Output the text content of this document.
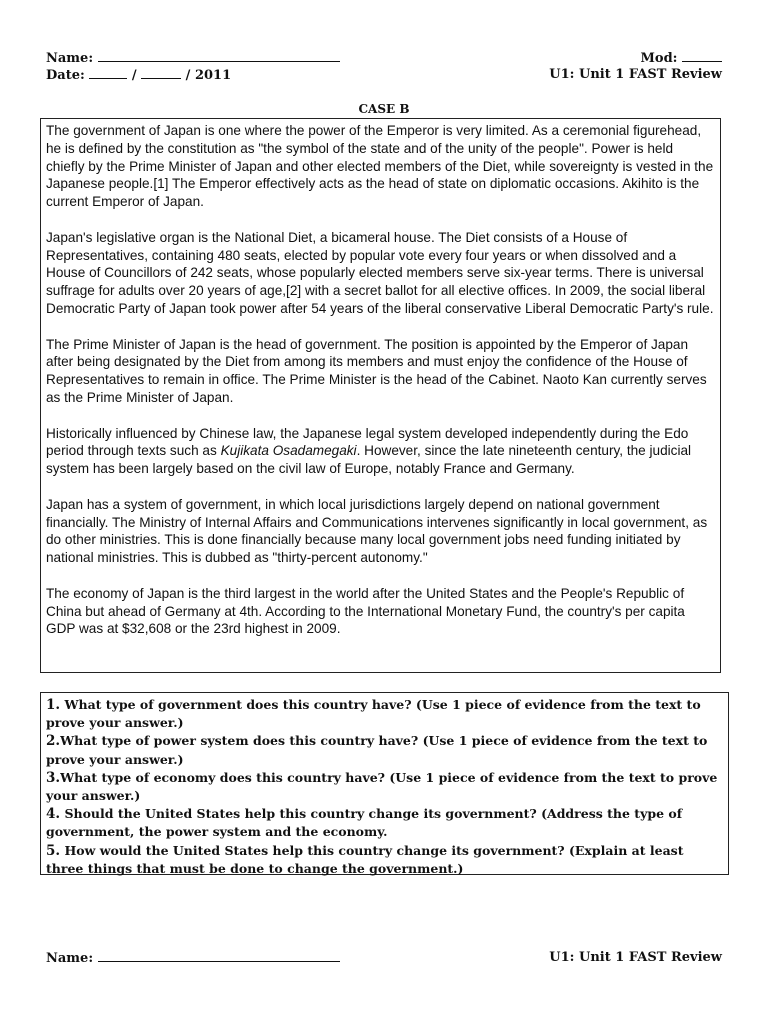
Name:
Date:	/	/ 2011
Mod:
U1: Unit 1 FAST Review
CASE B

The government of Japan is one where the power of the Emperor is very limited. As a ceremonial figurehead, he is defined by the constitution as "the symbol of the state and of the unity of the people". Power is held chiefly by the Prime Minister of Japan and other elected members of the Diet, while sovereignty is vested in the Japanese people.[1] The Emperor effectively acts as the head of state on diplomatic occasions. Akihito is the current Emperor of Japan.

Japan's legislative organ is the National Diet, a bicameral house. The Diet consists of a House of Representatives, containing 480 seats, elected by popular vote every four years or when dissolved and a House of Councillors of 242 seats, whose popularly elected members serve six-year terms. There is universal suffrage for adults over 20 years of age,[2] with a secret ballot for all elective offices. In 2009, the social liberal Democratic Party of Japan took power after 54 years of the liberal conservative Liberal Democratic Party's rule.

The Prime Minister of Japan is the head of government. The position is appointed by the Emperor of Japan after being designated by the Diet from among its members and must enjoy the confidence of the House of Representatives to remain in office. The Prime Minister is the head of the Cabinet. Naoto Kan currently serves as the Prime Minister of Japan.

Historically influenced by Chinese law, the Japanese legal system developed independently during the Edo period through texts such as Kujikata Osadamegaki. However, since the late nineteenth century, the judicial system has been largely based on the civil law of Europe, notably France and Germany.

Japan has a system of government, in which local jurisdictions largely depend on national government financially. The Ministry of Internal Affairs and Communications intervenes significantly in local government, as do other ministries. This is done financially because many local government jobs need funding initiated by national ministries. This is dubbed as "thirty-percent autonomy."

The economy of Japan is the third largest in the world after the United States and the People's Republic of China but ahead of Germany at 4th. According to the International Monetary Fund, the country's per capita GDP was at $32,608 or the 23rd highest in 2009.

1. What type of government does this country have? (Use 1 piece of evidence from the text to prove your answer.)

2.What type of power system does this country have? (Use 1 piece of evidence from the text to prove your answer.)

3.What type of economy does this country have? (Use 1 piece of evidence from the text to prove your answer.)

4. Should the United States help this country change its government? (Address the type of government, the power system and the economy.

5. How would the United States help this country change its government? (Explain at least three things that must be done to change the government.)

Name:	U1: Unit 1 FAST Review
